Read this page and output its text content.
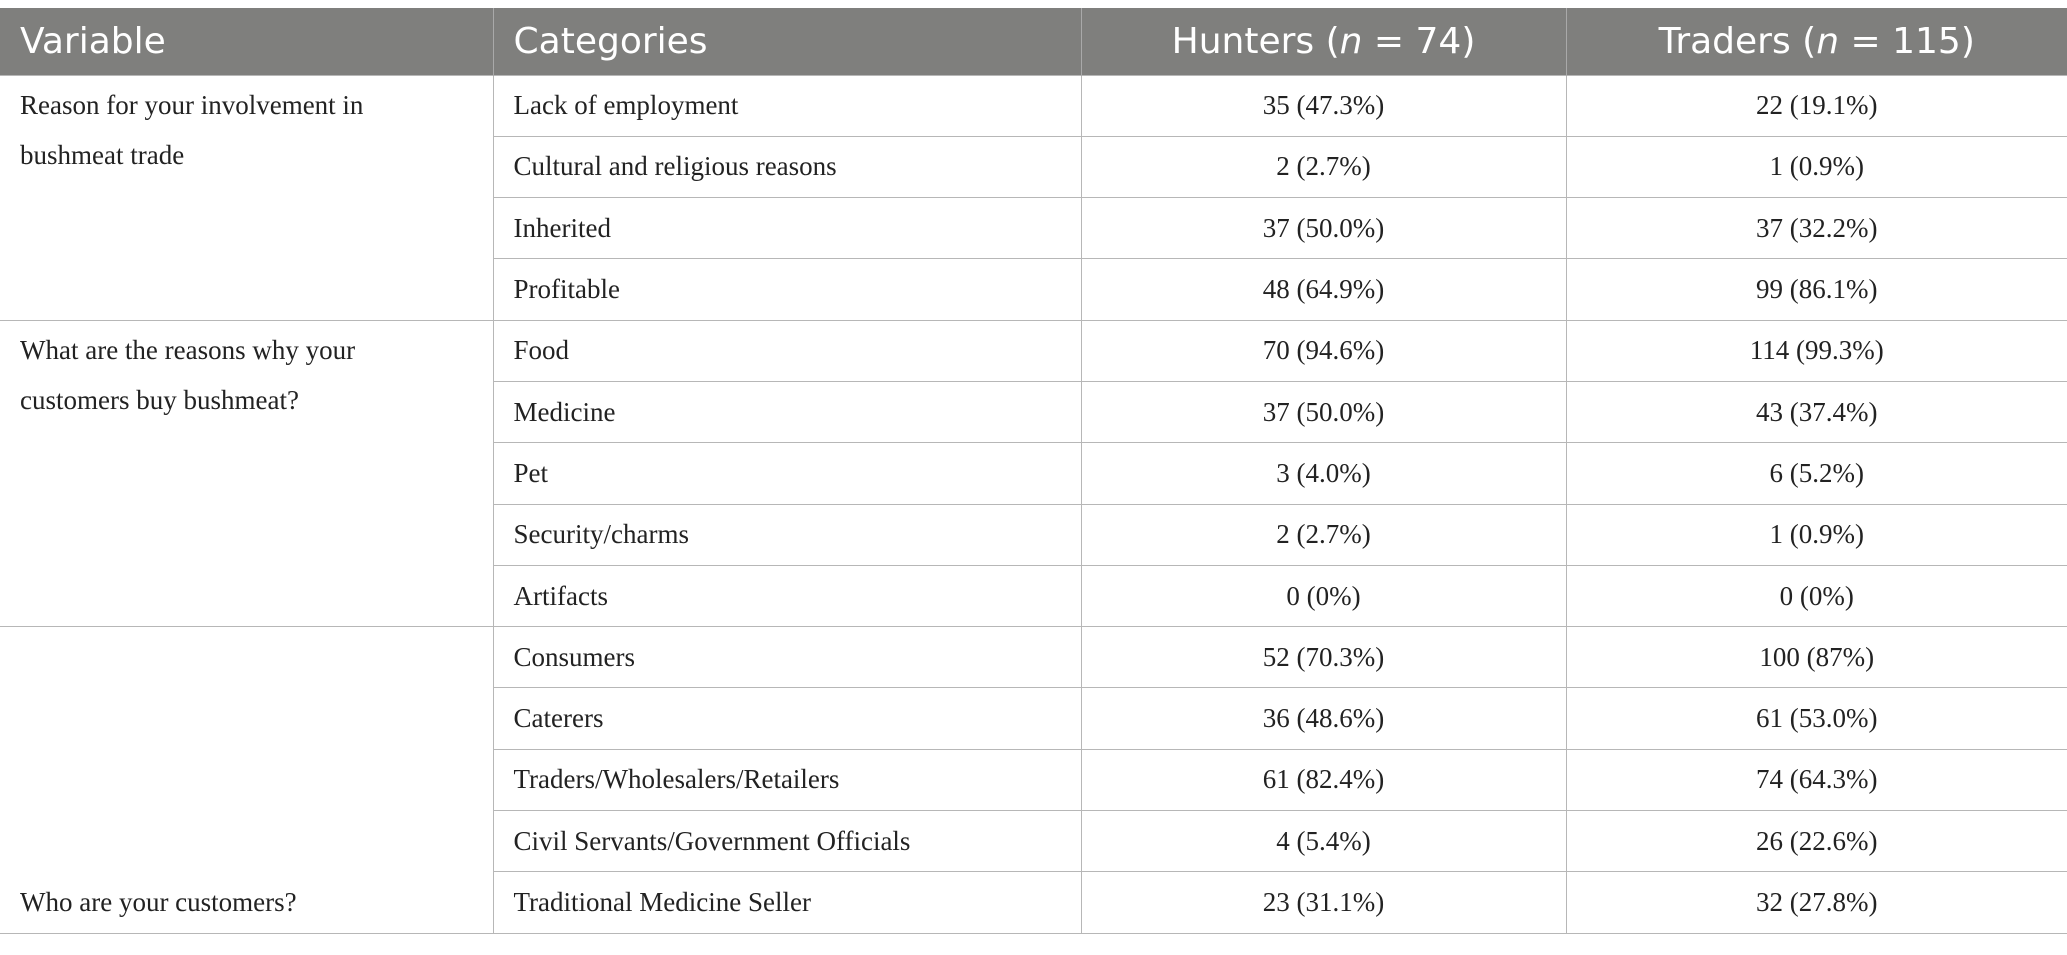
Variable	Categories	Hunters (n = 74)	Traders (n = 115)
Reason for your involvement in bushmeat trade	Lack of employment	35 (47.3%)	22 (19.1%)
	Cultural and religious reasons	2 (2.7%)	1 (0.9%)
	Inherited	37 (50.0%)	37 (32.2%)
	Profitable	48 (64.9%)	99 (86.1%)
What are the reasons why your customers buy bushmeat?	Food	70 (94.6%)	114 (99.3%)
	Medicine	37 (50.0%)	43 (37.4%)
	Pet	3 (4.0%)	6 (5.2%)
	Security/charms	2 (2.7%)	1 (0.9%)
	Artifacts	0 (0%)	0 (0%)
Who are your customers?	Consumers	52 (70.3%)	100 (87%)
	Caterers	36 (48.6%)	61 (53.0%)
	Traders/Wholesalers/Retailers	61 (82.4%)	74 (64.3%)
	Civil Servants/Government Officials	4 (5.4%)	26 (22.6%)
	Traditional Medicine Seller	23 (31.1%)	32 (27.8%)
